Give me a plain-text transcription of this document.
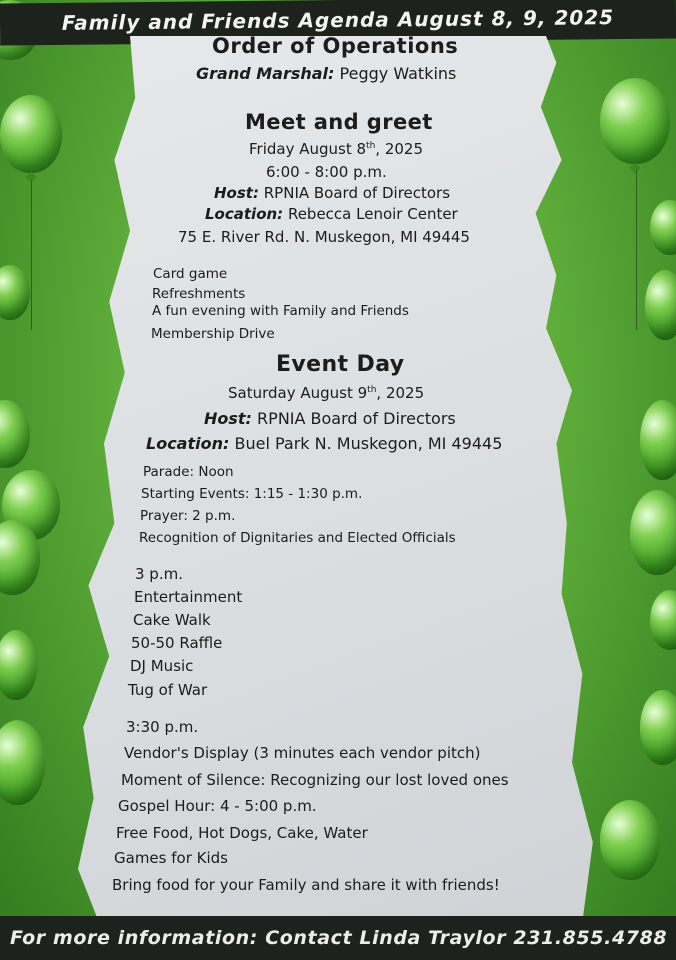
Family and Friends Agenda August 8, 9, 2025
Order of Operations
Grand Marshal: Peggy Watkins
Meet and greet
Friday August 8th, 2025
6:00 - 8:00 p.m.
Host: RPNIA Board of Directors
Location: Rebecca Lenoir Center
75 E. River Rd. N. Muskegon, MI 49445
Card game
Refreshments
A fun evening with Family and Friends
Membership Drive
Event Day
Saturday August 9th, 2025
Host: RPNIA Board of Directors
Location: Buel Park N. Muskegon, MI 49445
Parade: Noon
Starting Events: 1:15 - 1:30 p.m.
Prayer: 2 p.m.
Recognition of Dignitaries and Elected Officials
3 p.m.
Entertainment
Cake Walk
50-50 Raffle
DJ Music
Tug of War
3:30 p.m.
Vendor's Display (3 minutes each vendor pitch)
Moment of Silence: Recognizing our lost loved ones
Gospel Hour: 4 - 5:00 p.m.
Free Food, Hot Dogs, Cake, Water
Games for Kids
Bring food for your Family and share it with friends!
For more information: Contact Linda Traylor 231.855.4788
